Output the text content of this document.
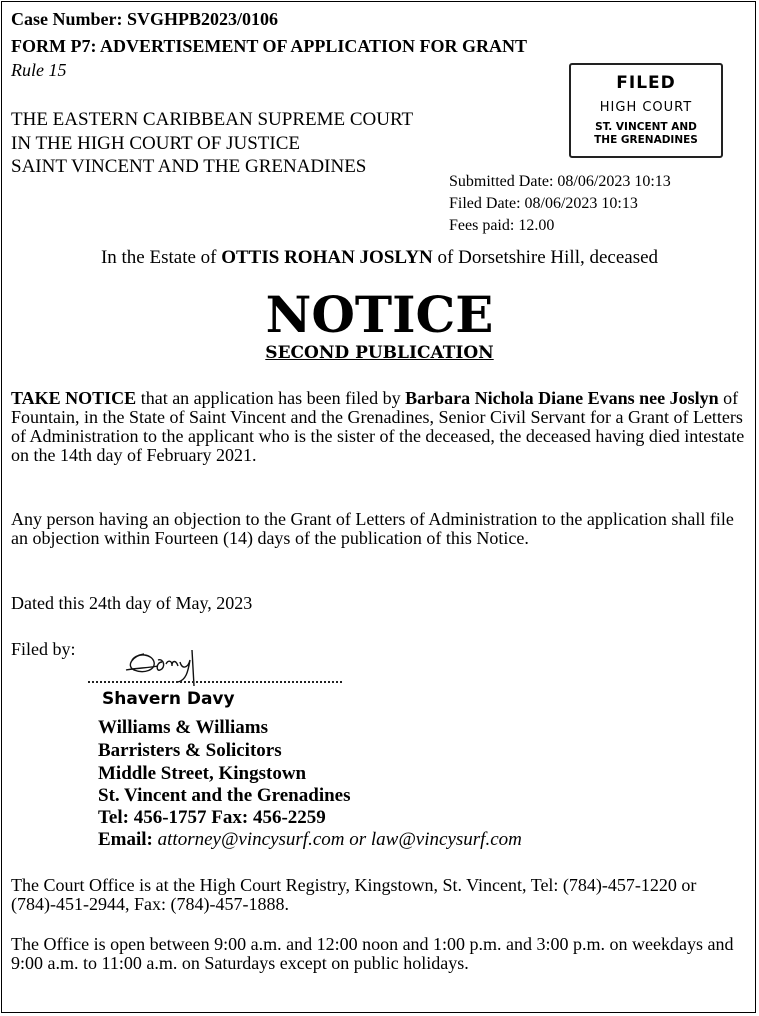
Case Number: SVGHPB2023/0106
FORM P7: ADVERTISEMENT OF APPLICATION FOR GRANT
Rule 15
THE EASTERN CARIBBEAN SUPREME COURT
IN THE HIGH COURT OF JUSTICE
SAINT VINCENT AND THE GRENADINES
FILED
HIGH COURT
ST. VINCENT AND
THE GRENADINES
Submitted Date: 08/06/2023 10:13
Filed Date: 08/06/2023 10:13
Fees paid: 12.00
In the Estate of OTTIS ROHAN JOSLYN of Dorsetshire Hill, deceased
NOTICE
SECOND PUBLICATION
TAKE NOTICE that an application has been filed by Barbara Nichola Diane Evans nee Joslyn of Fountain, in the State of Saint Vincent and the Grenadines, Senior Civil Servant for a Grant of Letters of Administration to the applicant who is the sister of the deceased, the deceased having died intestate on the 14th day of February 2021.
Any person having an objection to the Grant of Letters of Administration to the application shall file an objection within Fourteen (14) days of the publication of this Notice.
Dated this 24th day of May, 2023
Filed by:
Shavern Davy
Williams & Williams
Barristers & Solicitors
Middle Street, Kingstown
St. Vincent and the Grenadines
Tel: 456-1757 Fax: 456-2259
Email: attorney@vincysurf.com or law@vincysurf.com
The Court Office is at the High Court Registry, Kingstown, St. Vincent, Tel: (784)-457-1220 or (784)-451-2944, Fax: (784)-457-1888.
The Office is open between 9:00 a.m. and 12:00 noon and 1:00 p.m. and 3:00 p.m. on weekdays and 9:00 a.m. to 11:00 a.m. on Saturdays except on public holidays.
